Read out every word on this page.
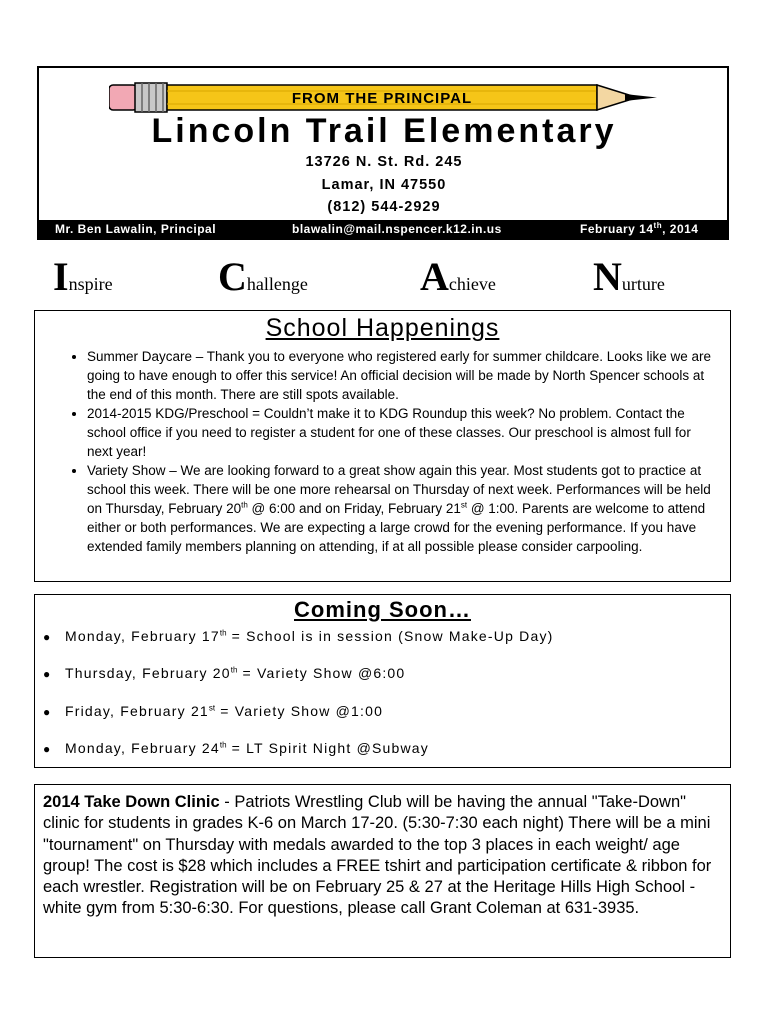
FROM THE PRINCIPAL
Lincoln Trail Elementary
13726 N. St. Rd. 245
Lamar, IN 47550
(812) 544-2929
Mr. Ben Lawalin, Principal	blawalin@mail.nspencer.k12.in.us	February 14th, 2014
Inspire	Challenge	Achieve Nurture
School Happenings
• Summer Daycare – Thank you to everyone who registered early for summer childcare. Looks like we are going to have enough to offer this service! An official decision will be made by North Spencer schools at the end of this month. There are still spots available.
• 2014-2015 KDG/Preschool = Couldn’t make it to KDG Roundup this week? No problem. Contact the school office if you need to register a student for one of these classes. Our preschool is almost full for next year!
• Variety Show – We are looking forward to a great show again this year. Most students got to practice at school this week. There will be one more rehearsal on Thursday of next week. Performances will be held on Thursday, February 20th @ 6:00 and on Friday, February 21st @ 1:00. Parents are welcome to attend either or both performances. We are expecting a large crowd for the evening performance. If you have extended family members planning on attending, if at all possible please consider carpooling.
Coming Soon…
● Monday, February 17th = School is in session (Snow Make-Up Day)
● Thursday, February 20th = Variety Show @6:00
● Friday, February 21st = Variety Show @1:00
● Monday, February 24th = LT Spirit Night @Subway
2014 Take Down Clinic - Patriots Wrestling Club will be having the annual "Take-Down" clinic for students in grades K-6 on March 17-20. (5:30-7:30 each night) There will be a mini "tournament" on Thursday with medals awarded to the top 3 places in each weight/ age group! The cost is $28 which includes a FREE tshirt and participation certificate & ribbon for each wrestler. Registration will be on February 25 & 27 at the Heritage Hills High School - white gym from 5:30-6:30. For questions, please call Grant Coleman at 631-3935.
